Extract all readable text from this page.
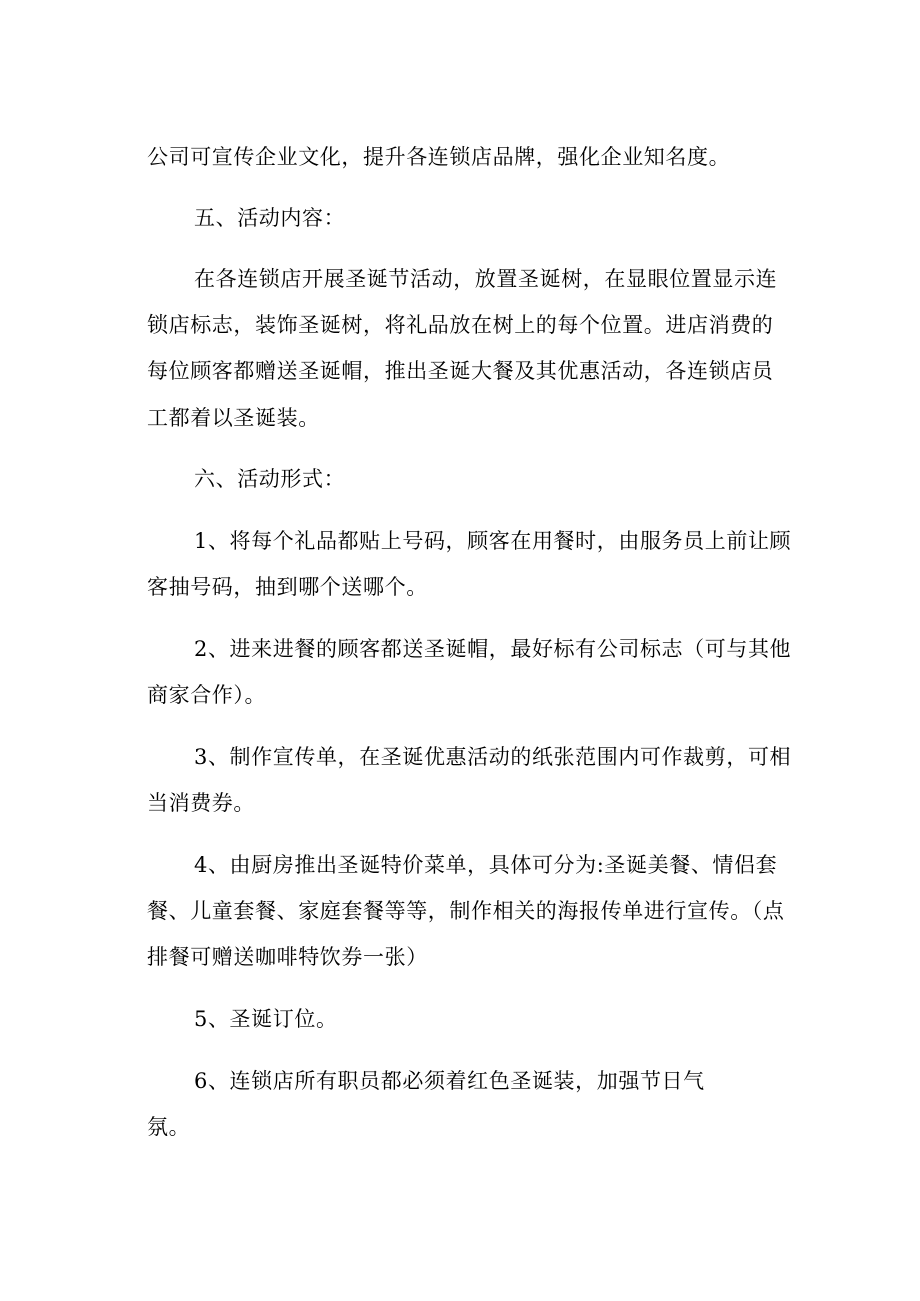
公司可宣传企业文化，提升各连锁店品牌，强化企业知名度。
五、活动内容：
在各连锁店开展圣诞节活动，放置圣诞树，在显眼位置显示连
锁店标志，装饰圣诞树，将礼品放在树上的每个位置。进店消费的
每位顾客都赠送圣诞帽，推出圣诞大餐及其优惠活动，各连锁店员
工都着以圣诞装。
六、活动形式：
1、将每个礼品都贴上号码，顾客在用餐时，由服务员上前让顾
客抽号码，抽到哪个送哪个。
2、进来进餐的顾客都送圣诞帽，最好标有公司标志（可与其他
商家合作）。
3、制作宣传单，在圣诞优惠活动的纸张范围内可作裁剪，可相
当消费券。
4、由厨房推出圣诞特价菜单，具体可分为:圣诞美餐、情侣套
餐、儿童套餐、家庭套餐等等，制作相关的海报传单进行宣传。（点
排餐可赠送咖啡特饮券一张）
5、圣诞订位。
6、连锁店所有职员都必须着红色圣诞装，加强节日气
氛。
